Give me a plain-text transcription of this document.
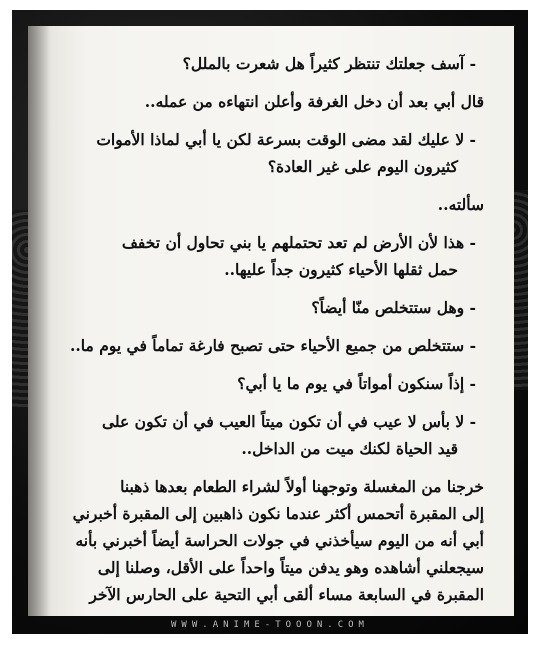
- آسف جعلتك تنتظر كثيراً هل شعرت بالملل؟
قال أبي بعد أن دخل الغرفة وأعلن انتهاءه من عمله..
- لا عليك لقد مضى الوقت بسرعة لكن يا أبي لماذا الأموات
كثيرون اليوم على غير العادة؟
سألته..
- هذا لأن الأرض لم تعد تحتملهم يا بني تحاول أن تخفف
حمل ثقلها الأحياء كثيرون جداً عليها..
- وهل ستتخلص منّا أيضاً؟
- ستتخلص من جميع الأحياء حتى تصبح فارغة تماماً في يوم ما..
- إذاً سنكون أمواتاً في يوم ما يا أبي؟
- لا بأس لا عيب في أن تكون ميتاً العيب في أن تكون على
قيد الحياة لكنك ميت من الداخل..
خرجنا من المغسلة وتوجهنا أولاً لشراء الطعام بعدها ذهبنا
إلى المقبرة أتحمس أكثر عندما نكون ذاهبين إلى المقبرة أخبرني
أبي أنه من اليوم سيأخذني في جولات الحراسة أيضاً أخبرني بأنه
سيجعلني أشاهده وهو يدفن ميتاً واحداً على الأقل، وصلنا إلى
المقبرة في السابعة مساء ألقى أبي التحية على الحارس الآخر
WWW.ANIME-TOOON.COM
